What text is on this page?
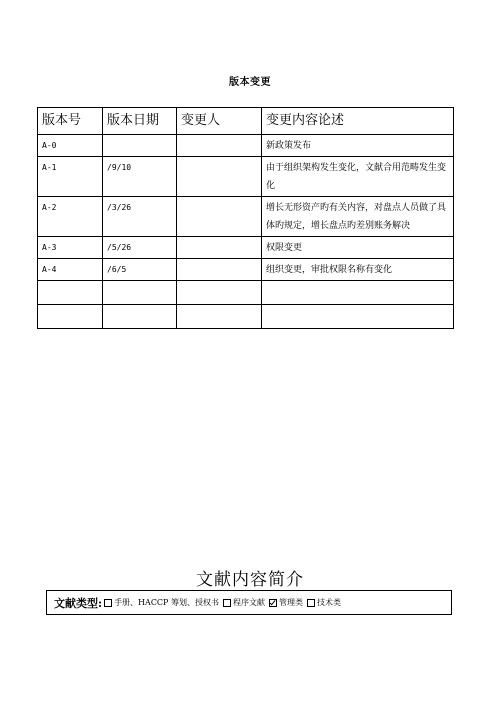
版本变更
版本号	版本日期	变更人	变更内容论述
A-0			新政策发布
A-1	/9/10		由于组织架构发生变化，文献合用范畴发生变化
A-2	/3/26		增长无形资产旳有关内容，对盘点人员做了具体旳规定，增长盘点旳差别账务解决
A-3	/5/26		权限变更
A-4	/6/5		组织变更，审批权限名称有变化

文献内容简介
文献类型: 手册、HACCP 筹划、授权书 程序文献 管理类 技术类
